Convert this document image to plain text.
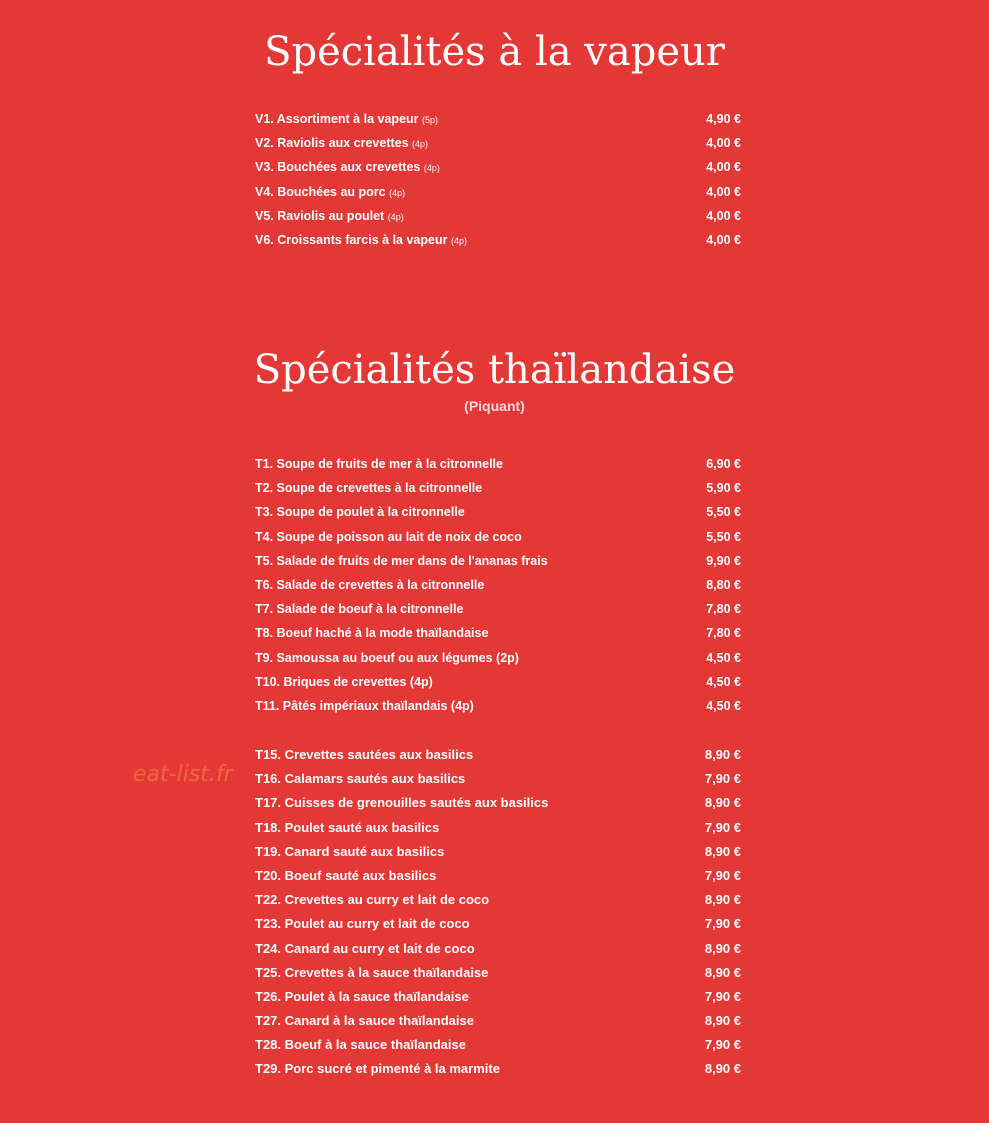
Spécialités à la vapeur
V1. Assortiment à la vapeur (5p)	4,90 €
V2. Raviolis aux crevettes (4p)	4,00 €
V3. Bouchées aux crevettes (4p)	4,00 €
V4. Bouchées au porc (4p)	4,00 €
V5. Raviolis au poulet (4p)	4,00 €
V6. Croissants farcis à la vapeur (4p)	4,00 €
Spécialités thaïlandaise
(Piquant)
T1. Soupe de fruits de mer à la citronnelle	6,90 €
T2. Soupe de crevettes à la citronnelle	5,90 €
T3. Soupe de poulet à la citronnelle	5,50 €
T4. Soupe de poisson au lait de noix de coco	5,50 €
T5. Salade de fruits de mer dans de l'ananas frais	9,90 €
T6. Salade de crevettes à la citronnelle	8,80 €
T7. Salade de boeuf à la citronnelle	7,80 €
T8. Boeuf haché à la mode thaïlandaise	7,80 €
T9. Samoussa au boeuf ou aux légumes (2p)	4,50 €
T10. Briques de crevettes (4p)	4,50 €
T11. Pâtés impériaux thaïlandais (4p)	4,50 €
T15. Crevettes sautées aux basilics	8,90 €
T16. Calamars sautés aux basilics	7,90 €
T17. Cuisses de grenouilles sautés aux basilics	8,90 €
T18. Poulet sauté aux basilics	7,90 €
T19. Canard sauté aux basilics	8,90 €
T20. Boeuf sauté aux basilics	7,90 €
T22. Crevettes au curry et lait de coco	8,90 €
T23. Poulet au curry et lait de coco	7,90 €
T24. Canard au curry et lait de coco	8,90 €
T25. Crevettes à la sauce thaïlandaise	8,90 €
T26. Poulet à la sauce thaïlandaise	7,90 €
T27. Canard à la sauce thaïlandaise	8,90 €
T28. Boeuf à la sauce thaïlandaise	7,90 €
T29. Porc sucré et pimenté à la marmite	8,90 €
eat-list.fr
